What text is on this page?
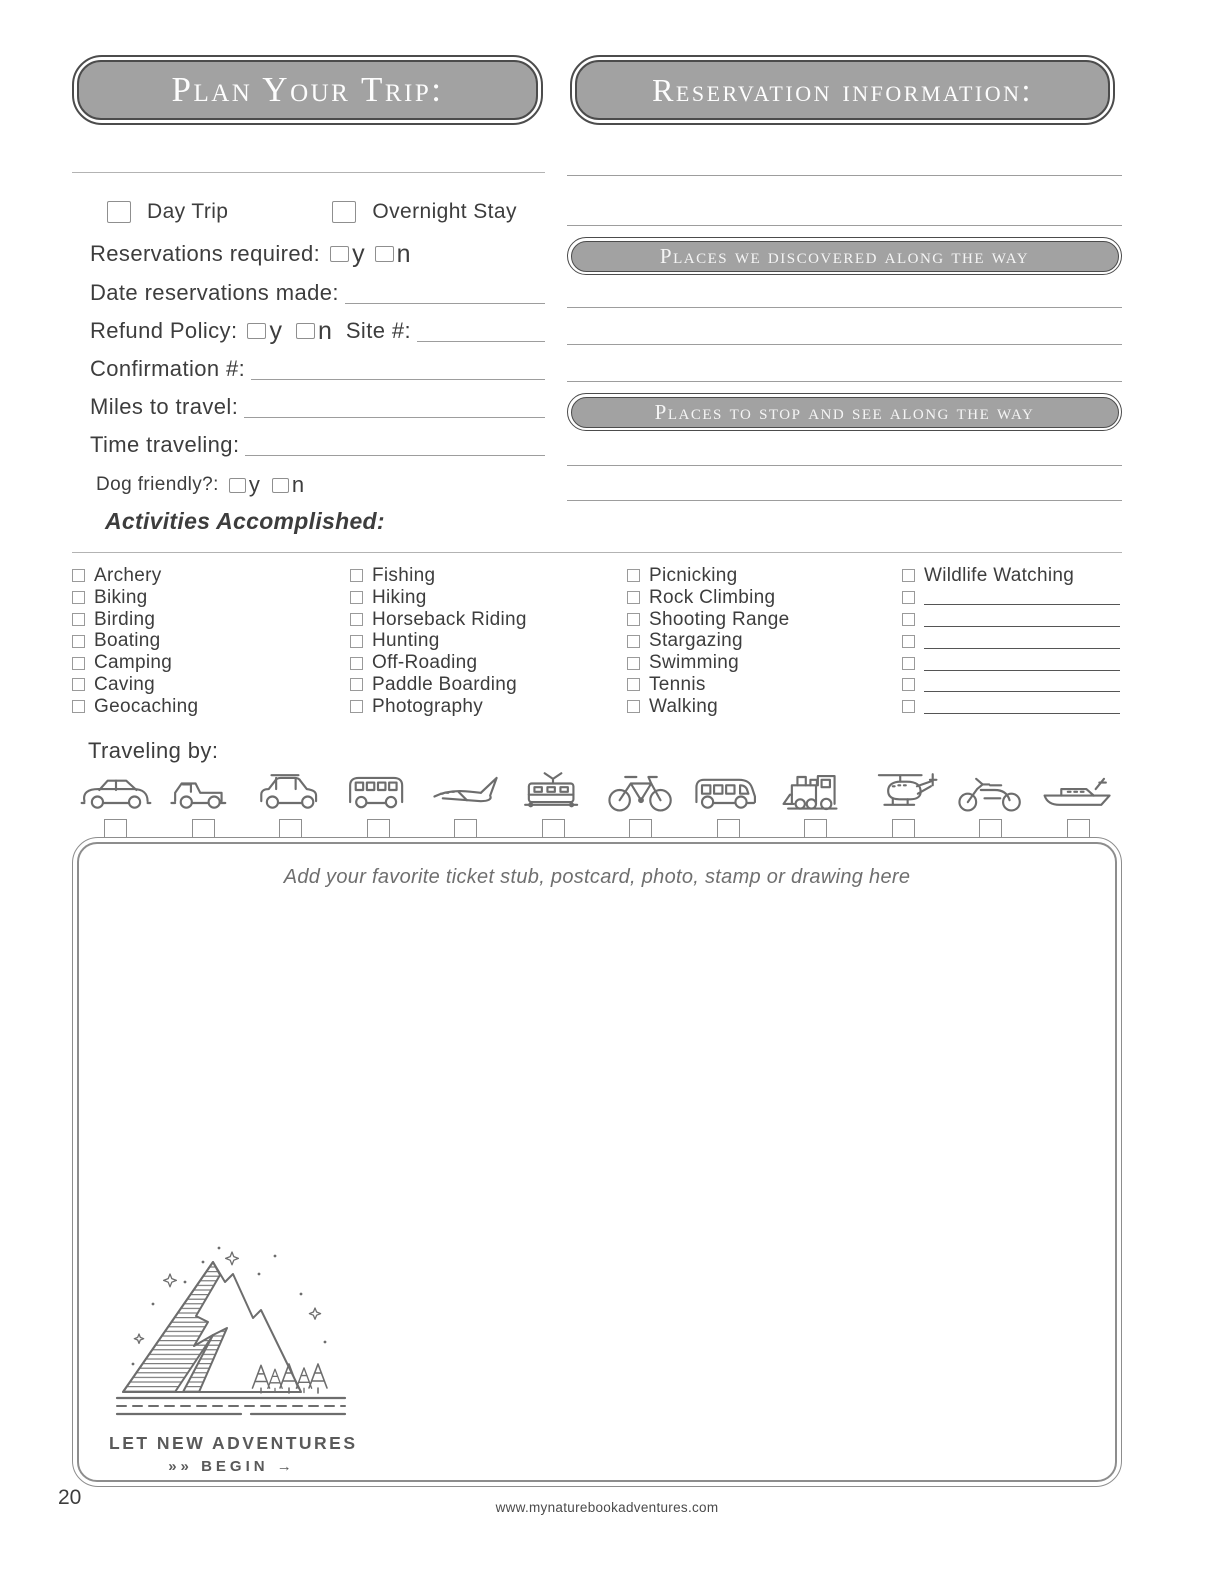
Plan Your Trip:	Reservation information:
Day Trip	Overnight Stay
Reservations required: y n
Date reservations made:
Refund Policy: y n Site #:
Confirmation #:
Miles to travel:
Time traveling:
Dog friendly?: y n
Activities Accomplished:
Places we discovered along the way
Places to stop and see along the way
Archery
Biking
Birding
Boating
Camping
Caving
Geocaching
Fishing
Hiking
Horseback Riding
Hunting
Off-Roading
Paddle Boarding
Photography
Picnicking
Rock Climbing
Shooting Range
Stargazing
Swimming
Tennis
Walking
Wildlife Watching
Traveling by:
Add your favorite ticket stub, postcard, photo, stamp or drawing here
LET NEW ADVENTURES
»» BEGIN →
www.mynaturebookadventures.com
20
